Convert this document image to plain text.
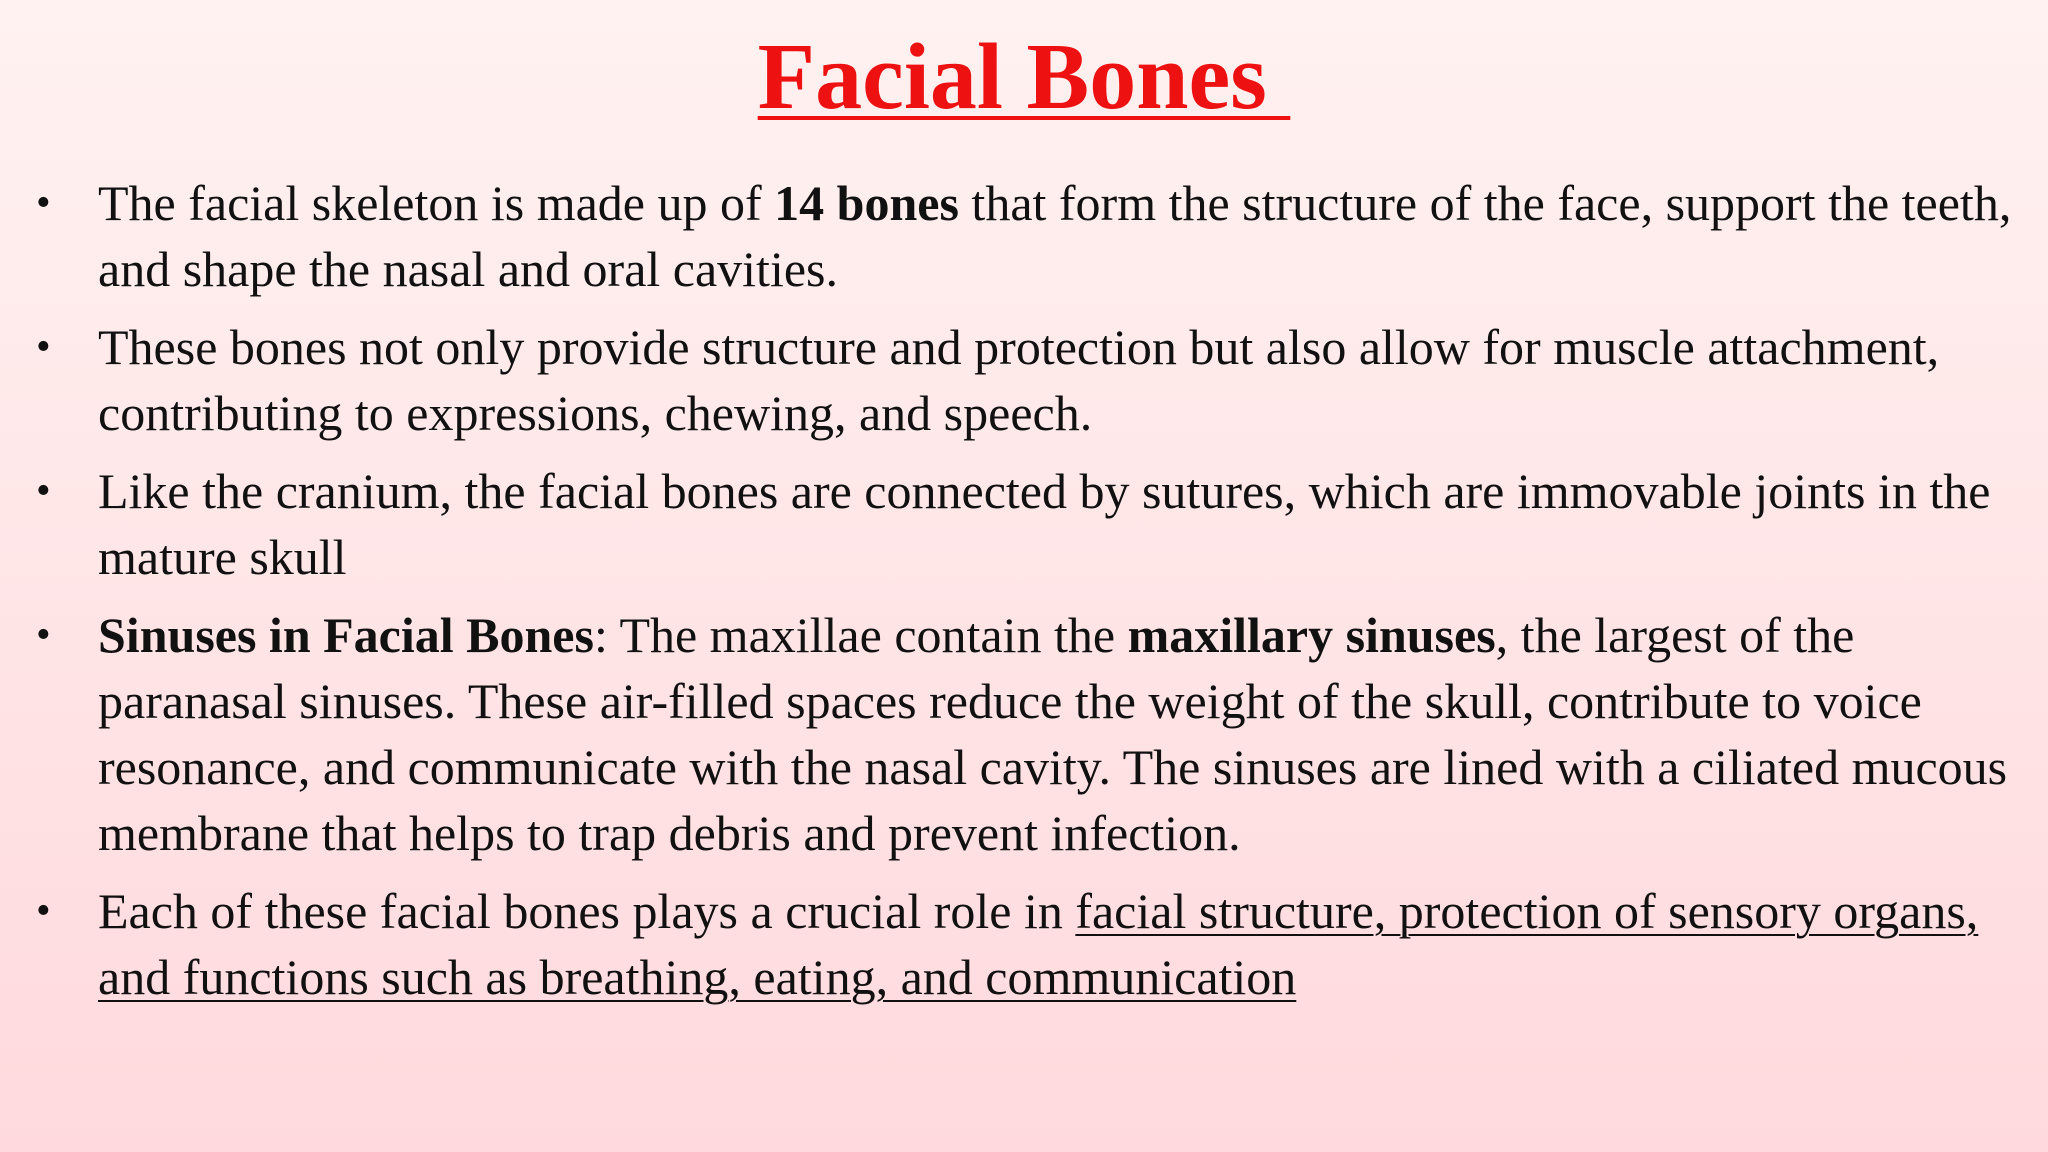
Facial Bones
• The facial skeleton is made up of 14 bones that form the structure of the face, support the teeth, and shape the nasal and oral cavities.
• These bones not only provide structure and protection but also allow for muscle attachment, contributing to expressions, chewing, and speech.
• Like the cranium, the facial bones are connected by sutures, which are immovable joints in the mature skull
• Sinuses in Facial Bones: The maxillae contain the maxillary sinuses, the largest of the paranasal sinuses. These air-filled spaces reduce the weight of the skull, contribute to voice resonance, and communicate with the nasal cavity. The sinuses are lined with a ciliated mucous membrane that helps to trap debris and prevent infection.
• Each of these facial bones plays a crucial role in facial structure, protection of sensory organs, and functions such as breathing, eating, and communication
